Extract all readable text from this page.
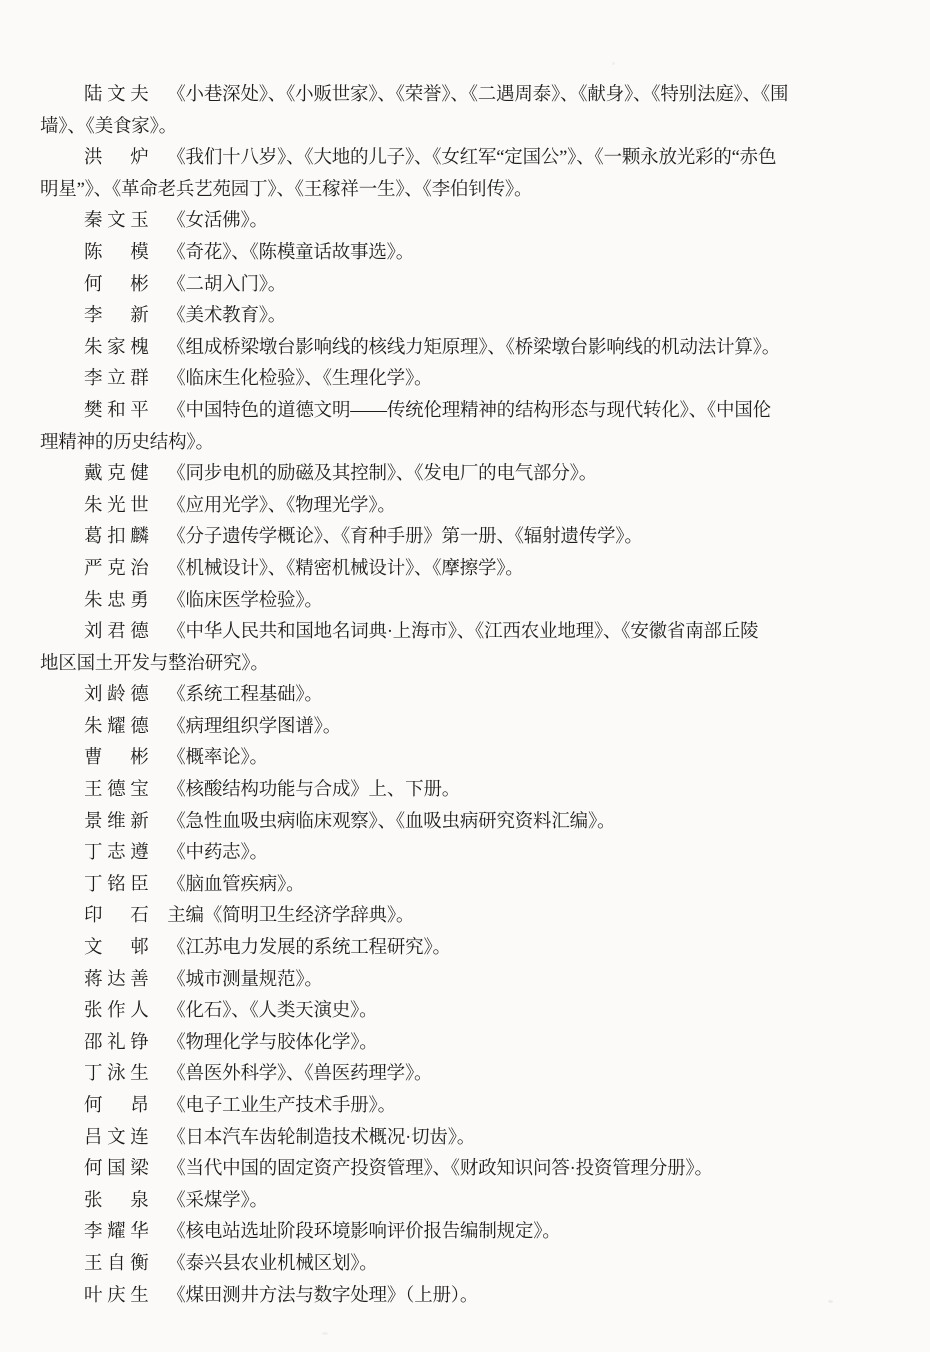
陆文夫 《小巷深处》、《小贩世家》、《荣誉》、《二遇周泰》、《献身》、《特别法庭》、《围
墙》、《美食家》。
洪炉 《我们十八岁》、《大地的儿子》、《女红军“定国公”》、《一颗永放光彩的“赤色
明星”》、《革命老兵艺苑园丁》、《王稼祥一生》、《李伯钊传》。
秦文玉 《女活佛》。
陈模 《奇花》、《陈模童话故事选》。
何彬 《二胡入门》。
李新 《美术教育》。
朱家槐 《组成桥梁墩台影响线的核线力矩原理》、《桥梁墩台影响线的机动法计算》。
李立群 《临床生化检验》、《生理化学》。
樊和平 《中国特色的道德文明——传统伦理精神的结构形态与现代转化》、《中国伦
理精神的历史结构》。
戴克健 《同步电机的励磁及其控制》、《发电厂的电气部分》。
朱光世 《应用光学》、《物理光学》。
葛扣麟 《分子遗传学概论》、《育种手册》第一册、《辐射遗传学》。
严克治 《机械设计》、《精密机械设计》、《摩擦学》。
朱忠勇 《临床医学检验》。
刘君德 《中华人民共和国地名词典·上海市》、《江西农业地理》、《安徽省南部丘陵
地区国土开发与整治研究》。
刘龄德 《系统工程基础》。
朱耀德 《病理组织学图谱》。
曹彬 《概率论》。
王德宝 《核酸结构功能与合成》上、下册。
景维新 《急性血吸虫病临床观察》、《血吸虫病研究资料汇编》。
丁志遵 《中药志》。
丁铭臣 《脑血管疾病》。
印石 主编《简明卫生经济学辞典》。
文邨 《江苏电力发展的系统工程研究》。
蒋达善 《城市测量规范》。
张作人 《化石》、《人类天演史》。
邵礼铮 《物理化学与胶体化学》。
丁泳生 《兽医外科学》、《兽医药理学》。
何昂 《电子工业生产技术手册》。
吕文连 《日本汽车齿轮制造技术概况·切齿》。
何国梁 《当代中国的固定资产投资管理》、《财政知识问答·投资管理分册》。
张泉 《采煤学》。
李耀华 《核电站选址阶段环境影响评价报告编制规定》。
王自衡 《泰兴县农业机械区划》。
叶庆生 《煤田测井方法与数字处理》（上册）。
